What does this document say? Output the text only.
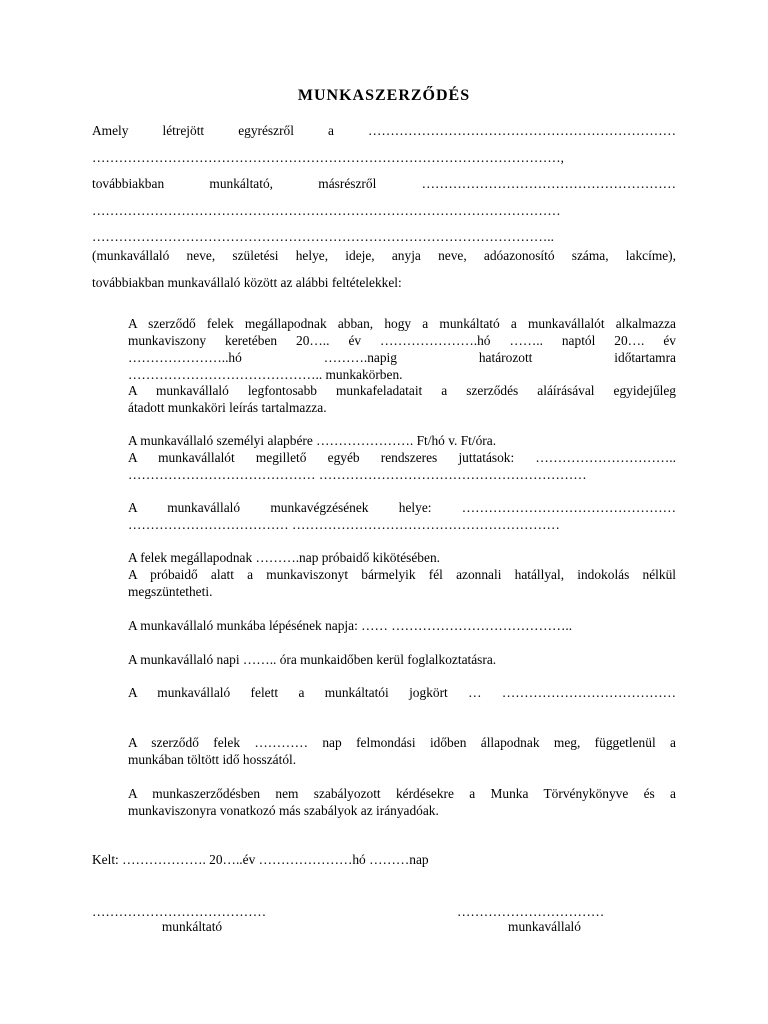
MUNKASZERZŐDÉS
Amely létrejött egyrészről a ……………………………………………………………
……………………………………………………………………………………………,
továbbiakban munkáltató, másrészről …………………………………………………
……………………………………………………………………………………………
…………………………………………………………………………………………..
(munkavállaló neve, születési helye, ideje, anyja neve, adóazonosító száma, lakcíme),
továbbiakban munkavállaló között az alábbi feltételekkel:
A szerződő felek megállapodnak abban, hogy a munkáltató a munkavállalót alkalmazza
munkaviszony keretében 20….. év ………………….hó …….. naptól 20…. év
…………………..hó ……….napig határozott időtartamra
…………………………………….. munkakörben.
A munkavállaló legfontosabb munkafeladatait a szerződés aláírásával egyidejűleg
átadott munkaköri leírás tartalmazza.
A munkavállaló személyi alapbére …………………. Ft/hó v. Ft/óra.
A munkavállalót megillető egyéb rendszeres juttatások: …………………………..
…………………………………… ……………………………………………………
A munkavállaló munkavégzésének helye: …………………………………………
……………………………… ……………………………………………………
A felek megállapodnak ……….nap próbaidő kikötésében.
A próbaidő alatt a munkaviszonyt bármelyik fél azonnali hatállyal, indokolás nélkül
megszüntetheti.
A munkavállaló munkába lépésének napja: …… …………………………………..
A munkavállaló napi …….. óra munkaidőben kerül foglalkoztatásra.
A munkavállaló felett a munkáltatói jogkört … …………………………………
A szerződő felek ………… nap felmondási időben állapodnak meg, függetlenül a
munkában töltött idő hosszától.
A munkaszerződésben nem szabályozott kérdésekre a Munka Törvénykönyve és a
munkaviszonyra vonatkozó más szabályok az irányadóak.
Kelt: ………………. 20…..év …………………hó ………nap
…………………………………
munkáltató
……………………………
munkavállaló
